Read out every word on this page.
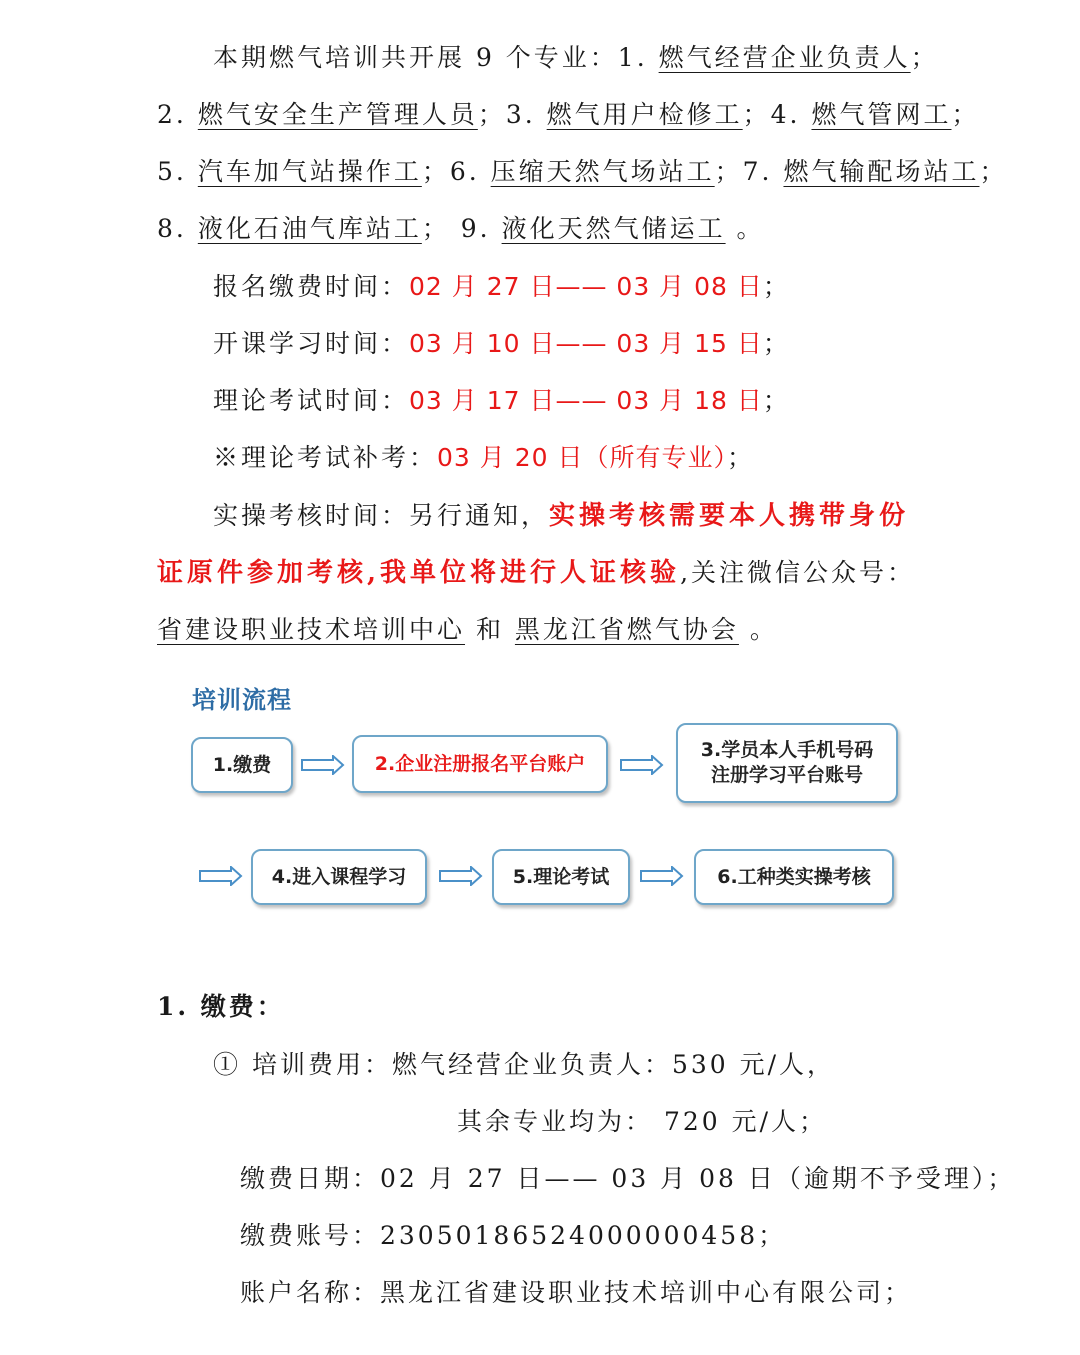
本期燃气培训共开展 9 个专业：1. 燃气经营企业负责人；
2. 燃气安全生产管理人员；3. 燃气用户检修工；4. 燃气管网工；
5. 汽车加气站操作工；6. 压缩天然气场站工；7. 燃气输配场站工；
8. 液化石油气库站工； 9. 液化天然气储运工 。
报名缴费时间：02 月 27 日—— 03 月 08 日；
开课学习时间：03 月 10 日—— 03 月 15 日；
理论考试时间：03 月 17 日—— 03 月 18 日；
※理论考试补考：03 月 20 日（所有专业）；
实操考核时间：另行通知，实操考核需要本人携带身份
证原件参加考核,我单位将进行人证核验,关注微信公众号：
省建设职业技术培训中心 和 黑龙江省燃气协会 。
培训流程
1.缴费	2.企业注册报名平台账户
3.学员本人手机号码
注册学习平台账号
4.进入课程学习	5.理论考试	6.工种类实操考核
1. 缴费：
① 培训费用：燃气经营企业负责人：530 元/人，
其余专业均为： 720 元/人；
缴费日期：02 月 27 日—— 03 月 08 日（逾期不予受理）；
缴费账号：23050186524000000458；
账户名称：黑龙江省建设职业技术培训中心有限公司；
